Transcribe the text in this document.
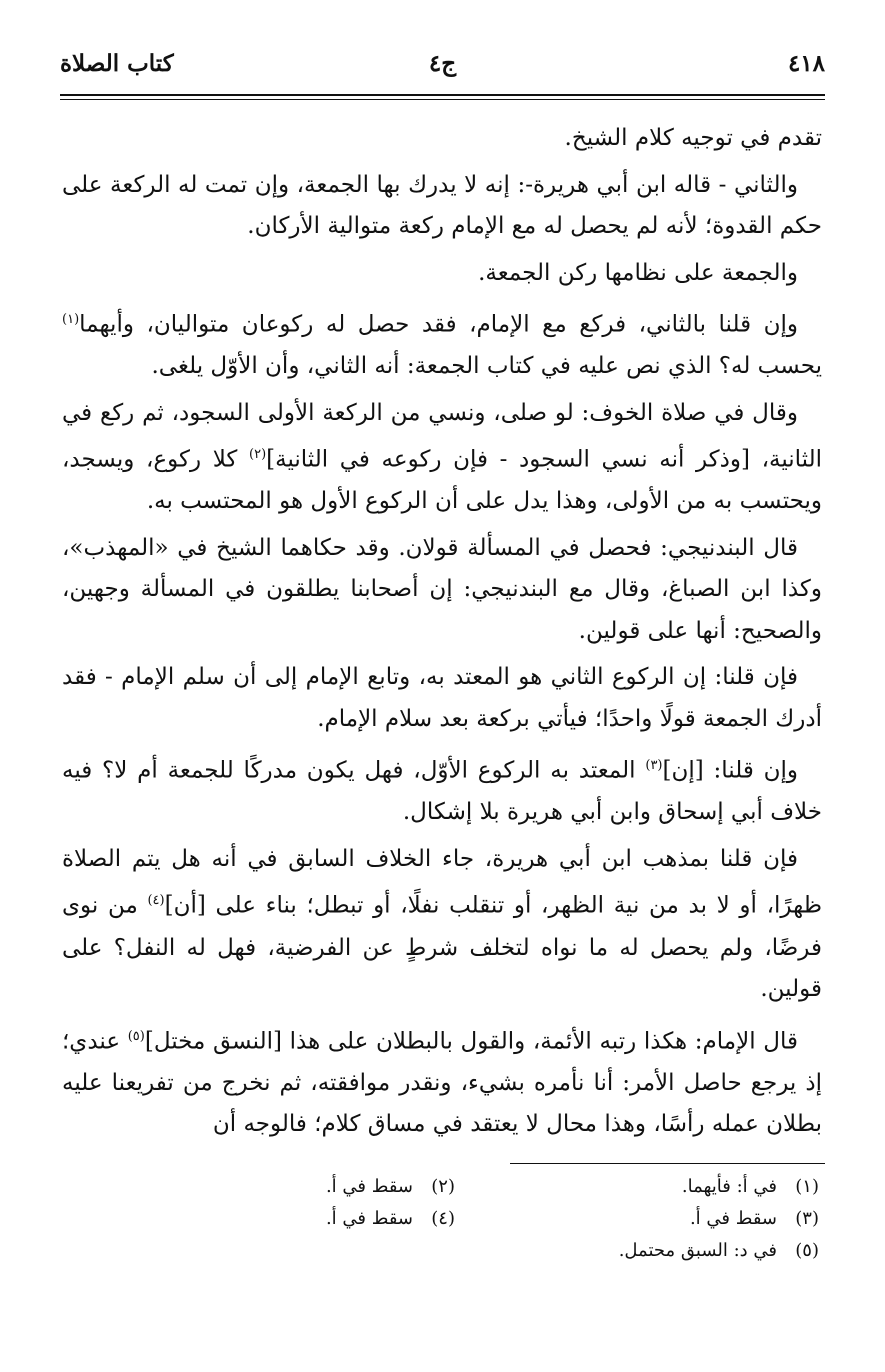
٤١٨
ج٤
كتاب الصلاة

تقدم في توجيه كلام الشيخ.

والثاني - قاله ابن أبي هريرة-: إنه لا يدرك بها الجمعة، وإن تمت له الركعة على حكم القدوة؛ لأنه لم يحصل له مع الإمام ركعة متوالية الأركان.

والجمعة على نظامها ركن الجمعة.

وإن قلنا بالثاني، فركع مع الإمام، فقد حصل له ركوعان متواليان، وأيهما$^{(١)}$ يحسب له؟ الذي نص عليه في كتاب الجمعة: أنه الثاني، وأن الأوّل يلغى.

وقال في صلاة الخوف: لو صلى، ونسي من الركعة الأولى السجود، ثم ركع في الثانية، [وذكر أنه نسي السجود - فإن ركوعه في الثانية]$^{(٢)}$ كلا ركوع، ويسجد، ويحتسب به من الأولى، وهذا يدل على أن الركوع الأول هو المحتسب به.

قال البندنيجي: فحصل في المسألة قولان. وقد حكاهما الشيخ في «المهذب»، وكذا ابن الصباغ، وقال مع البندنيجي: إن أصحابنا يطلقون في المسألة وجهين، والصحيح: أنها على قولين.

فإن قلنا: إن الركوع الثاني هو المعتد به، وتابع الإمام إلى أن سلم الإمام - فقد أدرك الجمعة قولًا واحدًا؛ فيأتي بركعة بعد سلام الإمام.

وإن قلنا: [إن]$^{(٣)}$ المعتد به الركوع الأوّل، فهل يكون مدركًا للجمعة أم لا؟ فيه خلاف أبي إسحاق وابن أبي هريرة بلا إشكال.

فإن قلنا بمذهب ابن أبي هريرة، جاء الخلاف السابق في أنه هل يتم الصلاة ظهرًا، أو لا بد من نية الظهر، أو تنقلب نفلًا، أو تبطل؛ بناء على [أن]$^{(٤)}$ من نوى فرضًا، ولم يحصل له ما نواه لتخلف شرطٍ عن الفرضية، فهل له النفل؟ على قولين.

قال الإمام: هكذا رتبه الأئمة، والقول بالبطلان على هذا [النسق مختل]$^{(٥)}$ عندي؛ إذ يرجع حاصل الأمر: أنا نأمره بشيء، ونقدر موافقته، ثم نخرج من تفريعنا عليه بطلان عمله رأسًا، وهذا محال لا يعتقد في مساق كلام؛ فالوجه أن

(١)في أ: فأيهما.
(٢)سقط في أ.
(٣)سقط في أ.
(٤)سقط في أ.
(٥)في د: السبق محتمل.
